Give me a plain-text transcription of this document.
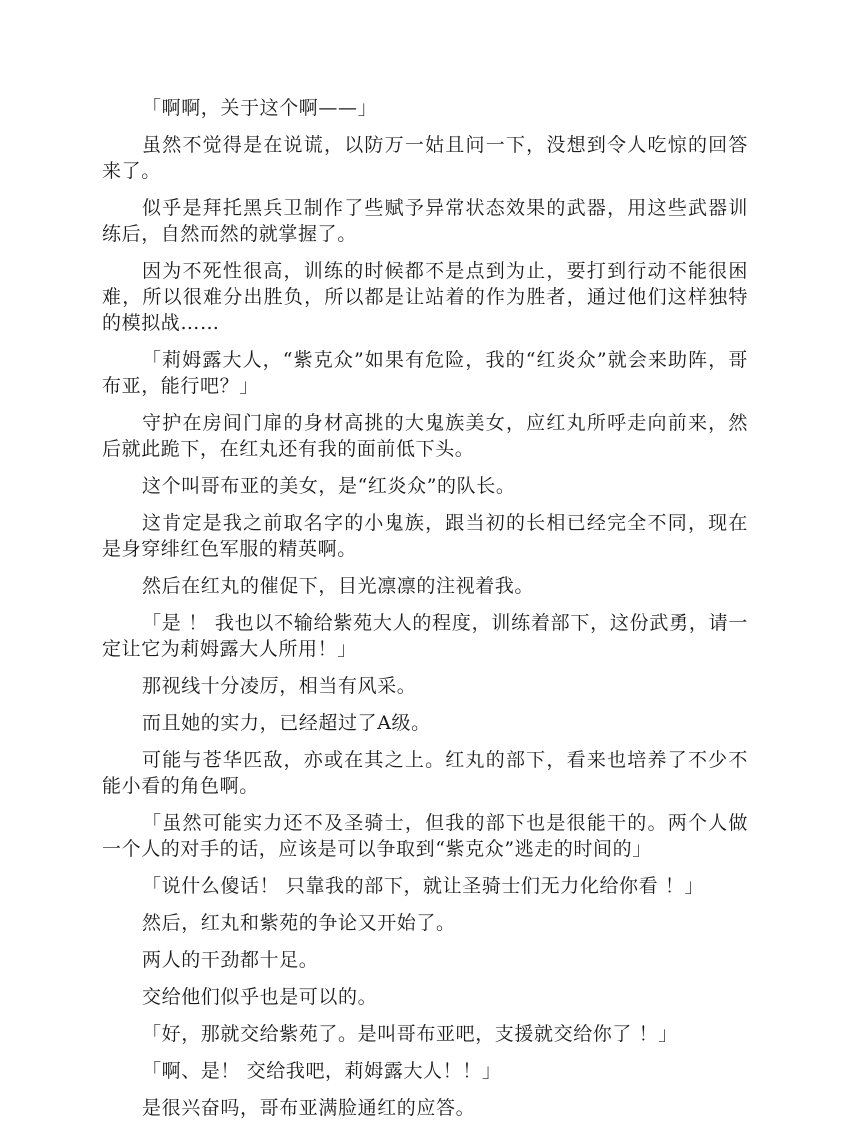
「啊啊，关于这个啊——」

虽然不觉得是在说谎，以防万一姑且问一下，没想到令人吃惊的回答来了。

似乎是拜托黑兵卫制作了些赋予异常状态效果的武器，用这些武器训练后，自然而然的就掌握了。

因为不死性很高，训练的时候都不是点到为止，要打到行动不能很困难，所以很难分出胜负，所以都是让站着的作为胜者，通过他们这样独特的模拟战……

「莉姆露大人，“紫克众”如果有危险，我的“红炎众”就会来助阵，哥布亚，能行吧？」

守护在房间门扉的身材高挑的大鬼族美女，应红丸所呼走向前来，然后就此跪下，在红丸还有我的面前低下头。

这个叫哥布亚的美女，是“红炎众”的队长。

这肯定是我之前取名字的小鬼族，跟当初的长相已经完全不同，现在是身穿绯红色军服的精英啊。

然后在红丸的催促下，目光凛凛的注视着我。

「是 ！ 我也以不输给紫苑大人的程度，训练着部下，这份武勇，请一定让它为莉姆露大人所用！」

那视线十分凌厉，相当有风采。

而且她的实力，已经超过了A级。

可能与苍华匹敌，亦或在其之上。红丸的部下，看来也培养了不少不能小看的角色啊。

「虽然可能实力还不及圣骑士，但我的部下也是很能干的。两个人做一个人的对手的话，应该是可以争取到“紫克众”逃走的时间的」

「说什么傻话！ 只靠我的部下，就让圣骑士们无力化给你看 ！」

然后，红丸和紫苑的争论又开始了。

两人的干劲都十足。

交给他们似乎也是可以的。

「好，那就交给紫苑了。是叫哥布亚吧，支援就交给你了 ！」

「啊、是！ 交给我吧，莉姆露大人！！」

是很兴奋吗，哥布亚满脸通红的应答。
